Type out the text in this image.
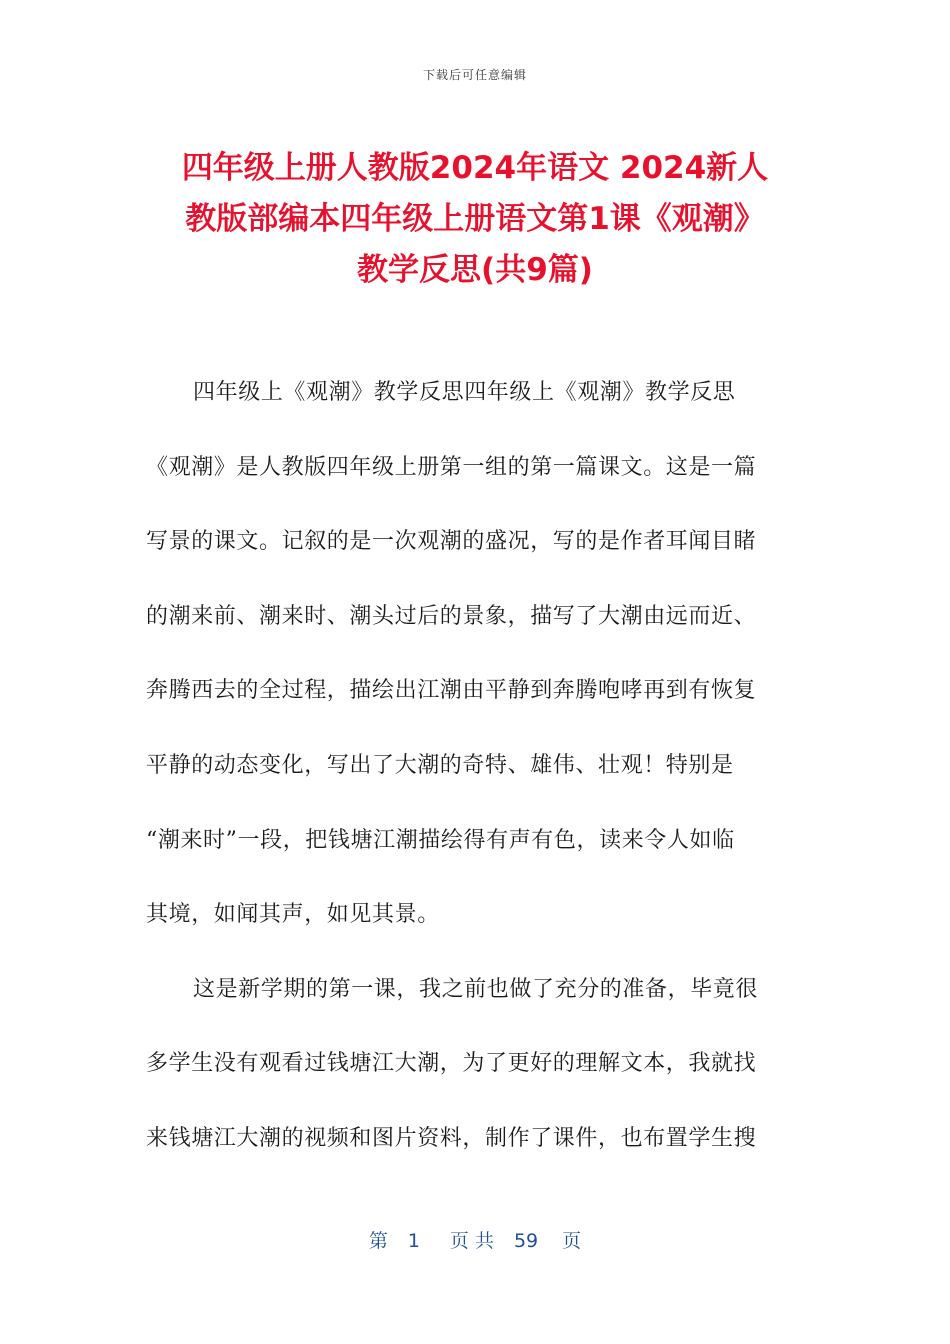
下载后可任意编辑
四年级上册人教版2024年语文 2024新人
教版部编本四年级上册语文第1课《观潮》
教学反思(共9篇)
四年级上《观潮》教学反思四年级上《观潮》教学反思
《观潮》是人教版四年级上册第一组的第一篇课文。这是一篇
写景的课文。记叙的是一次观潮的盛况，写的是作者耳闻目睹
的潮来前、潮来时、潮头过后的景象，描写了大潮由远而近、
奔腾西去的全过程，描绘出江潮由平静到奔腾咆哮再到有恢复
平静的动态变化，写出了大潮的奇特、雄伟、壮观！特别是
“潮来时”一段，把钱塘江潮描绘得有声有色，读来令人如临
其境，如闻其声，如见其景。
这是新学期的第一课，我之前也做了充分的准备，毕竟很
多学生没有观看过钱塘江大潮，为了更好的理解文本，我就找
来钱塘江大潮的视频和图片资料，制作了课件，也布置学生搜
第 1 页 共 59 页
